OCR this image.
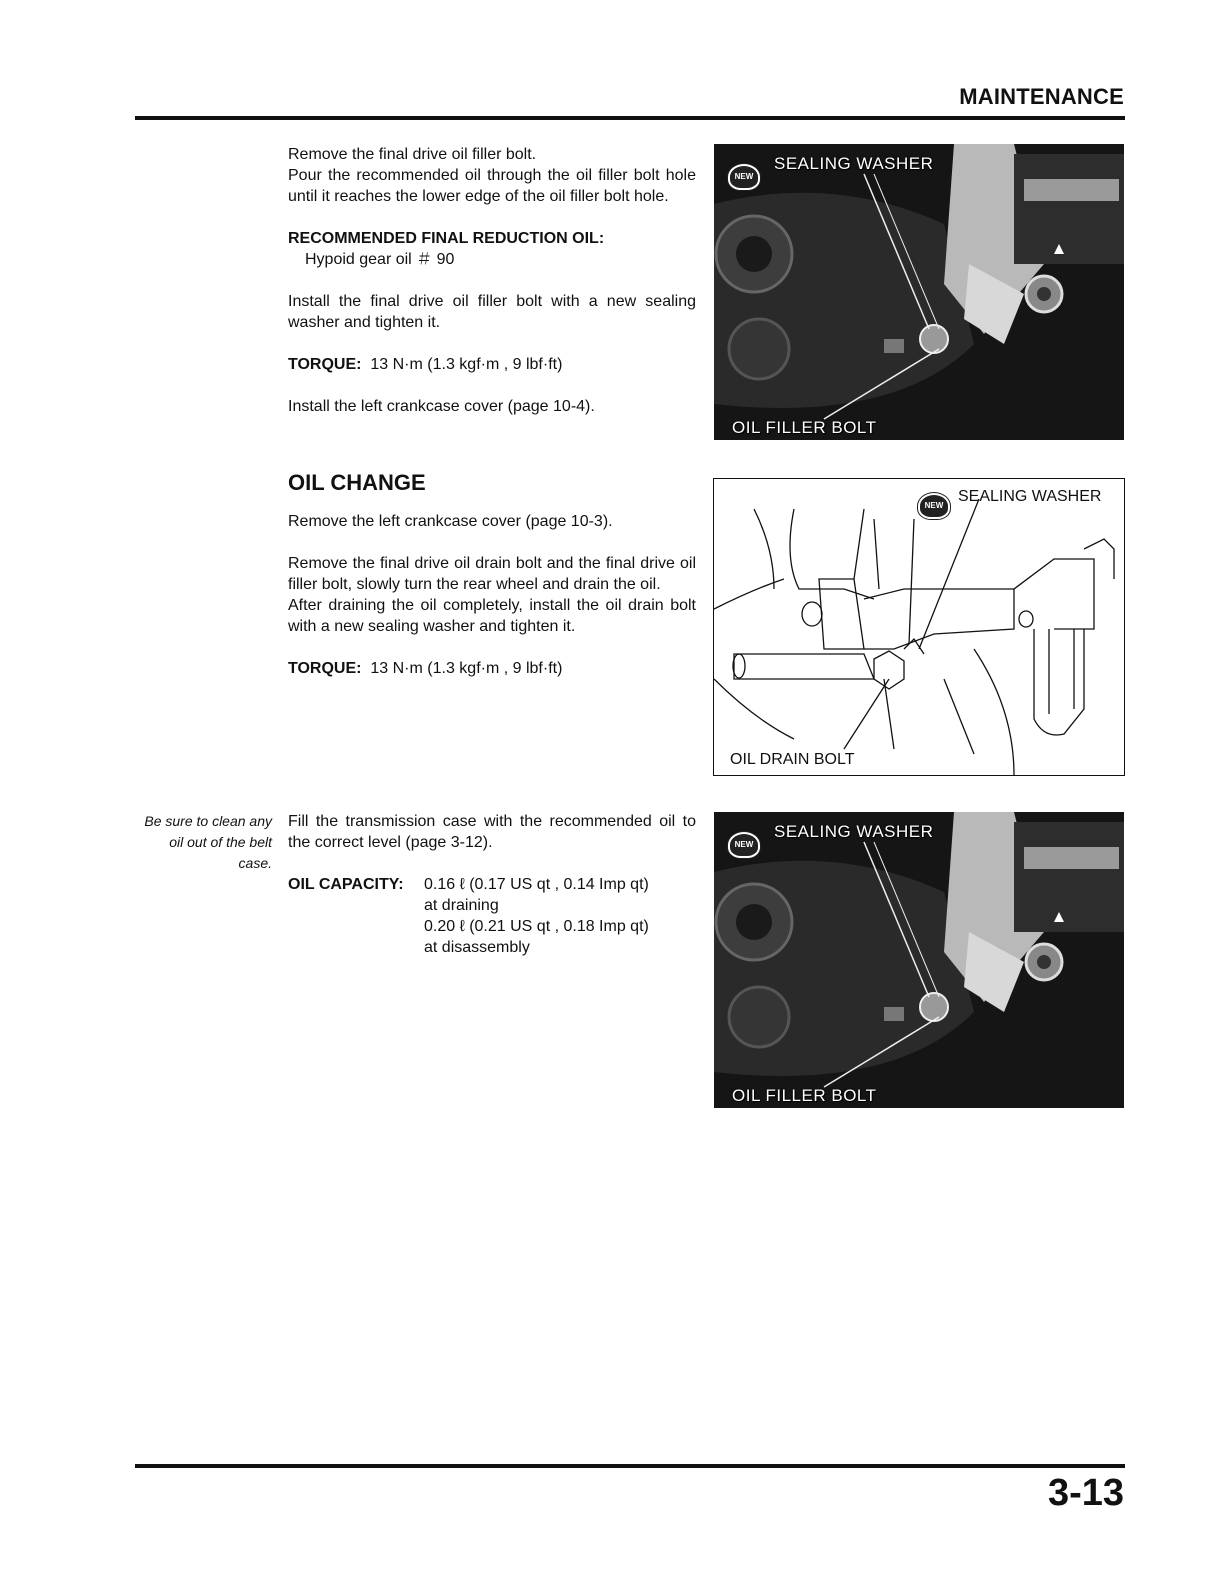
MAINTENANCE

Remove the final drive oil filler bolt.

Pour the recommended oil through the oil filler bolt hole until it reaches the lower edge of the oil filler bolt hole.

RECOMMENDED FINAL REDUCTION OIL:

Hypoid gear oil ＃ 90

Install the final drive oil filler bolt with a new sealing washer and tighten it.

TORQUE: 13 N·m (1.3 kgf·m , 9 lbf·ft)

Install the left crankcase cover (page 10-4).

NEW
SEALING WASHER
OIL FILLER BOLT
OIL CHANGE

Remove the left crankcase cover (page 10-3).

Remove the final drive oil drain bolt and the final drive oil filler bolt, slowly turn the rear wheel and drain the oil.

After draining the oil completely, install the oil drain bolt with a new sealing washer and tighten it.

TORQUE: 13 N·m (1.3 kgf·m , 9 lbf·ft)

NEW
SEALING WASHER
OIL DRAIN BOLT
Be sure to clean any oil out of the belt case.

Fill the transmission case with the recommended oil to the correct level (page 3-12).

OIL CAPACITY:	0.16 ℓ (0.17 US qt , 0.14 Imp qt)
at draining
0.20 ℓ (0.21 US qt , 0.18 Imp qt)
at disassembly
NEW
SEALING WASHER
OIL FILLER BOLT
3-13
